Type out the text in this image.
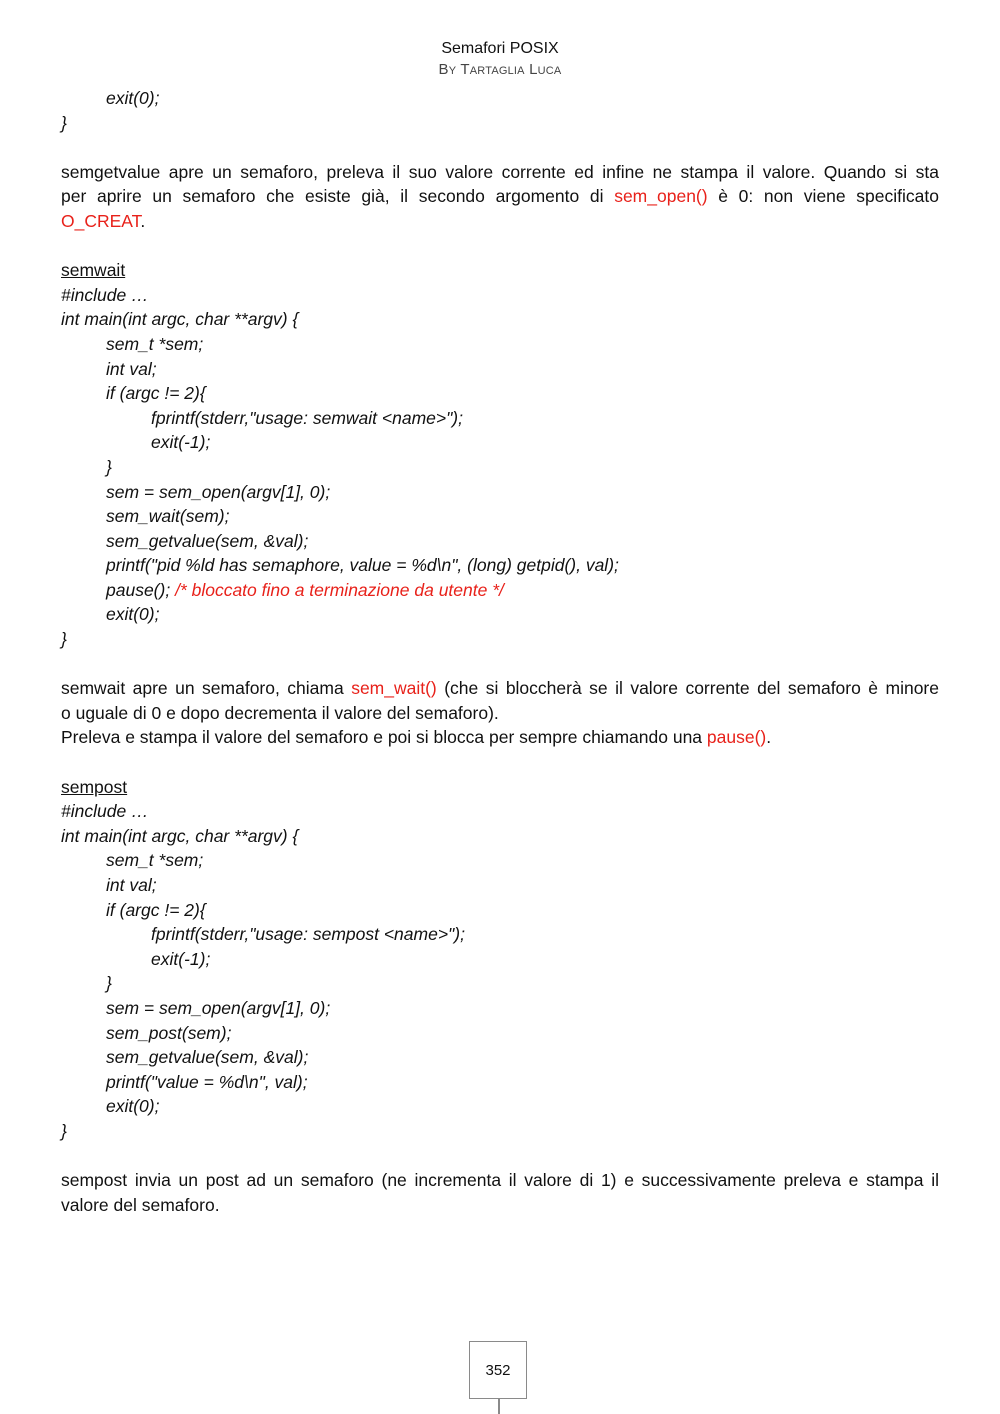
Semafori POSIX
By Tartaglia Luca
exit(0);
}
semgetvalue apre un semaforo, preleva il suo valore corrente ed infine ne stampa il valore. Quando si sta
per aprire un semaforo che esiste già, il secondo argomento di sem_open() è 0: non viene specificato
O_CREAT.
semwait
#include …
int main(int argc, char **argv) {
sem_t *sem;
int val;
if (argc != 2){
fprintf(stderr,"usage: semwait <name>");
exit(-1);
}
sem = sem_open(argv[1], 0);
sem_wait(sem);
sem_getvalue(sem, &val);
printf("pid %ld has semaphore, value = %d\n", (long) getpid(), val);
pause(); /* bloccato fino a terminazione da utente */
exit(0);
}
semwait apre un semaforo, chiama sem_wait() (che si bloccherà se il valore corrente del semaforo è minore
o uguale di 0 e dopo decrementa il valore del semaforo).
Preleva e stampa il valore del semaforo e poi si blocca per sempre chiamando una pause().
sempost
#include …
int main(int argc, char **argv) {
sem_t *sem;
int val;
if (argc != 2){
fprintf(stderr,"usage: sempost <name>");
exit(-1);
}
sem = sem_open(argv[1], 0);
sem_post(sem);
sem_getvalue(sem, &val);
printf("value = %d\n", val);
exit(0);
}
sempost invia un post ad un semaforo (ne incrementa il valore di 1) e successivamente preleva e stampa il
valore del semaforo.
352
